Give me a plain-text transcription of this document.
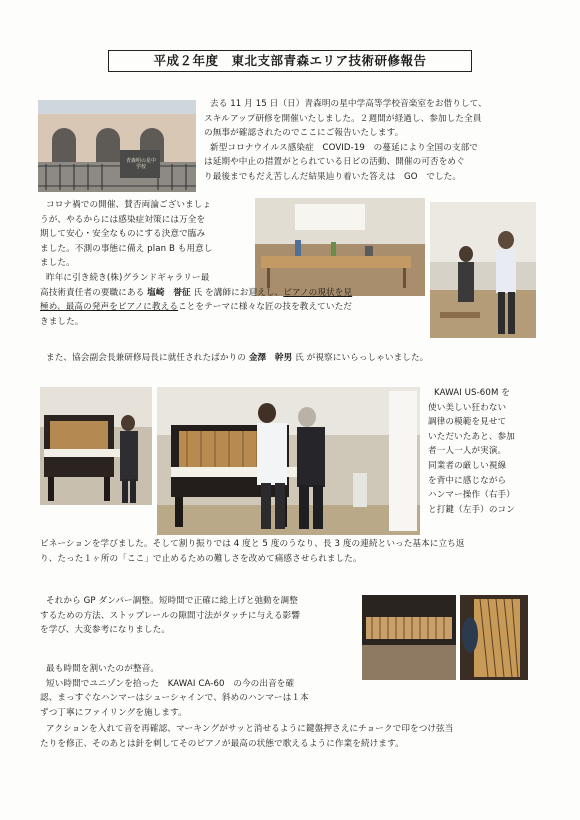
平成２年度　東北支部青森エリア技術研修報告
青森明の星中学校

去る 11 月 15 日（日）青森明の星中学高等学校音楽室をお借りして、

スキルアップ研修を開催いたしました。２週間が経過し、参加した全員

の無事が確認されたのでここにご報告いたします。

新型コロナウイルス感染症　COVID-19　の蔓延により全国の支部で

は延期や中止の措置がとられている日ビの活動、開催の可否をめぐ

り最後までもだえ苦しんだ結果辿り着いた答えは　GO　でした。

コロナ禍での開催、賛否両論ございましょ

うが、やるからには感染症対策には万全を

期して安心・安全なものにする決意で臨み

ました。不測の事態に備え plan B も用意し

ました。

昨年に引き続き(株)グランドギャラリー最

高技術責任者の要職にある 塩崎　誉征 氏 を講師にお迎えし、ピアノの現状を見

極め、最高の発声をピアノに教えることをテーマに様々な匠の技を教えていただ

きました。

また、協会副会長兼研修局長に就任されたばかりの 金澤　幹男 氏 が視察にいらっしゃいました。

KAWAI US-60M を

使い美しい狂わない

調律の模範を見せて

いただいたあと、参加

者一人一人が実演。

同業者の厳しい視線

を背中に感じながら

ハンマー操作（右手）

と打鍵（左手）のコン

ビネーションを学びました。そして割り振りでは 4 度と 5 度のうなり、長 3 度の連続といった基本に立ち返

り、たった１ヶ所の「ここ」で止めるための難しさを改めて痛感させられました。

それから GP ダンパー調整。短時間で正確に総上げと弛動を調整

するための方法、ストップレールの隙間寸法がタッチに与える影響

を学び、大変参考になりました。

最も時間を割いたのが整音。

短い時間でユニゾンを拾った　KAWAI CA-60　の今の出音を確

認、まっすぐなハンマーはシューシャインで、斜めのハンマーは１本

ずつ丁寧にファイリングを施します。

アクションを入れて音を再確認、マーキングがサッと消せるように鍵盤押さえにチョークで印をつけ弦当

たりを修正、そのあとは針を刺してそのピアノが最高の状態で歌えるように作業を続けます。
